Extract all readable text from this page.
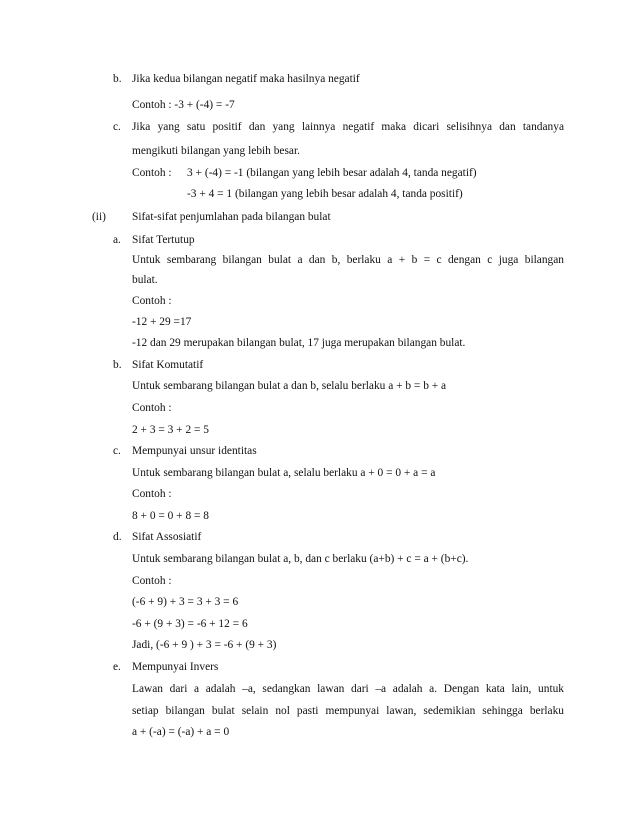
b. Jika kedua bilangan negatif maka hasilnya negatif
Contoh : -3 + (-4) = -7
c. Jika yang satu positif dan yang lainnya negatif maka dicari selisihnya dan tandanya
mengikuti bilangan yang lebih besar.
Contoh : 3 + (-4) = -1 (bilangan yang lebih besar adalah 4, tanda negatif)
-3 + 4 = 1 (bilangan yang lebih besar adalah 4, tanda positif)
(ii) Sifat-sifat penjumlahan pada bilangan bulat
a. Sifat Tertutup
Untuk sembarang bilangan bulat a dan b, berlaku a + b = c dengan c juga bilangan
bulat.
Contoh :
-12 + 29 =17
-12 dan 29 merupakan bilangan bulat, 17 juga merupakan bilangan bulat.
b. Sifat Komutatif
Untuk sembarang bilangan bulat a dan b, selalu berlaku a + b = b + a
Contoh :
2 + 3 = 3 + 2 = 5
c. Mempunyai unsur identitas
Untuk sembarang bilangan bulat a, selalu berlaku a + 0 = 0 + a = a
Contoh :
8 + 0 = 0 + 8 = 8
d. Sifat Assosiatif
Untuk sembarang bilangan bulat a, b, dan c berlaku (a+b) + c = a + (b+c).
Contoh :
(-6 + 9) + 3 = 3 + 3 = 6
-6 + (9 + 3) = -6 + 12 = 6
Jadi, (-6 + 9 ) + 3 = -6 + (9 + 3)
e. Mempunyai Invers
Lawan dari a adalah –a, sedangkan lawan dari –a adalah a. Dengan kata lain, untuk
setiap bilangan bulat selain nol pasti mempunyai lawan, sedemikian sehingga berlaku
a + (-a) = (-a) + a = 0
